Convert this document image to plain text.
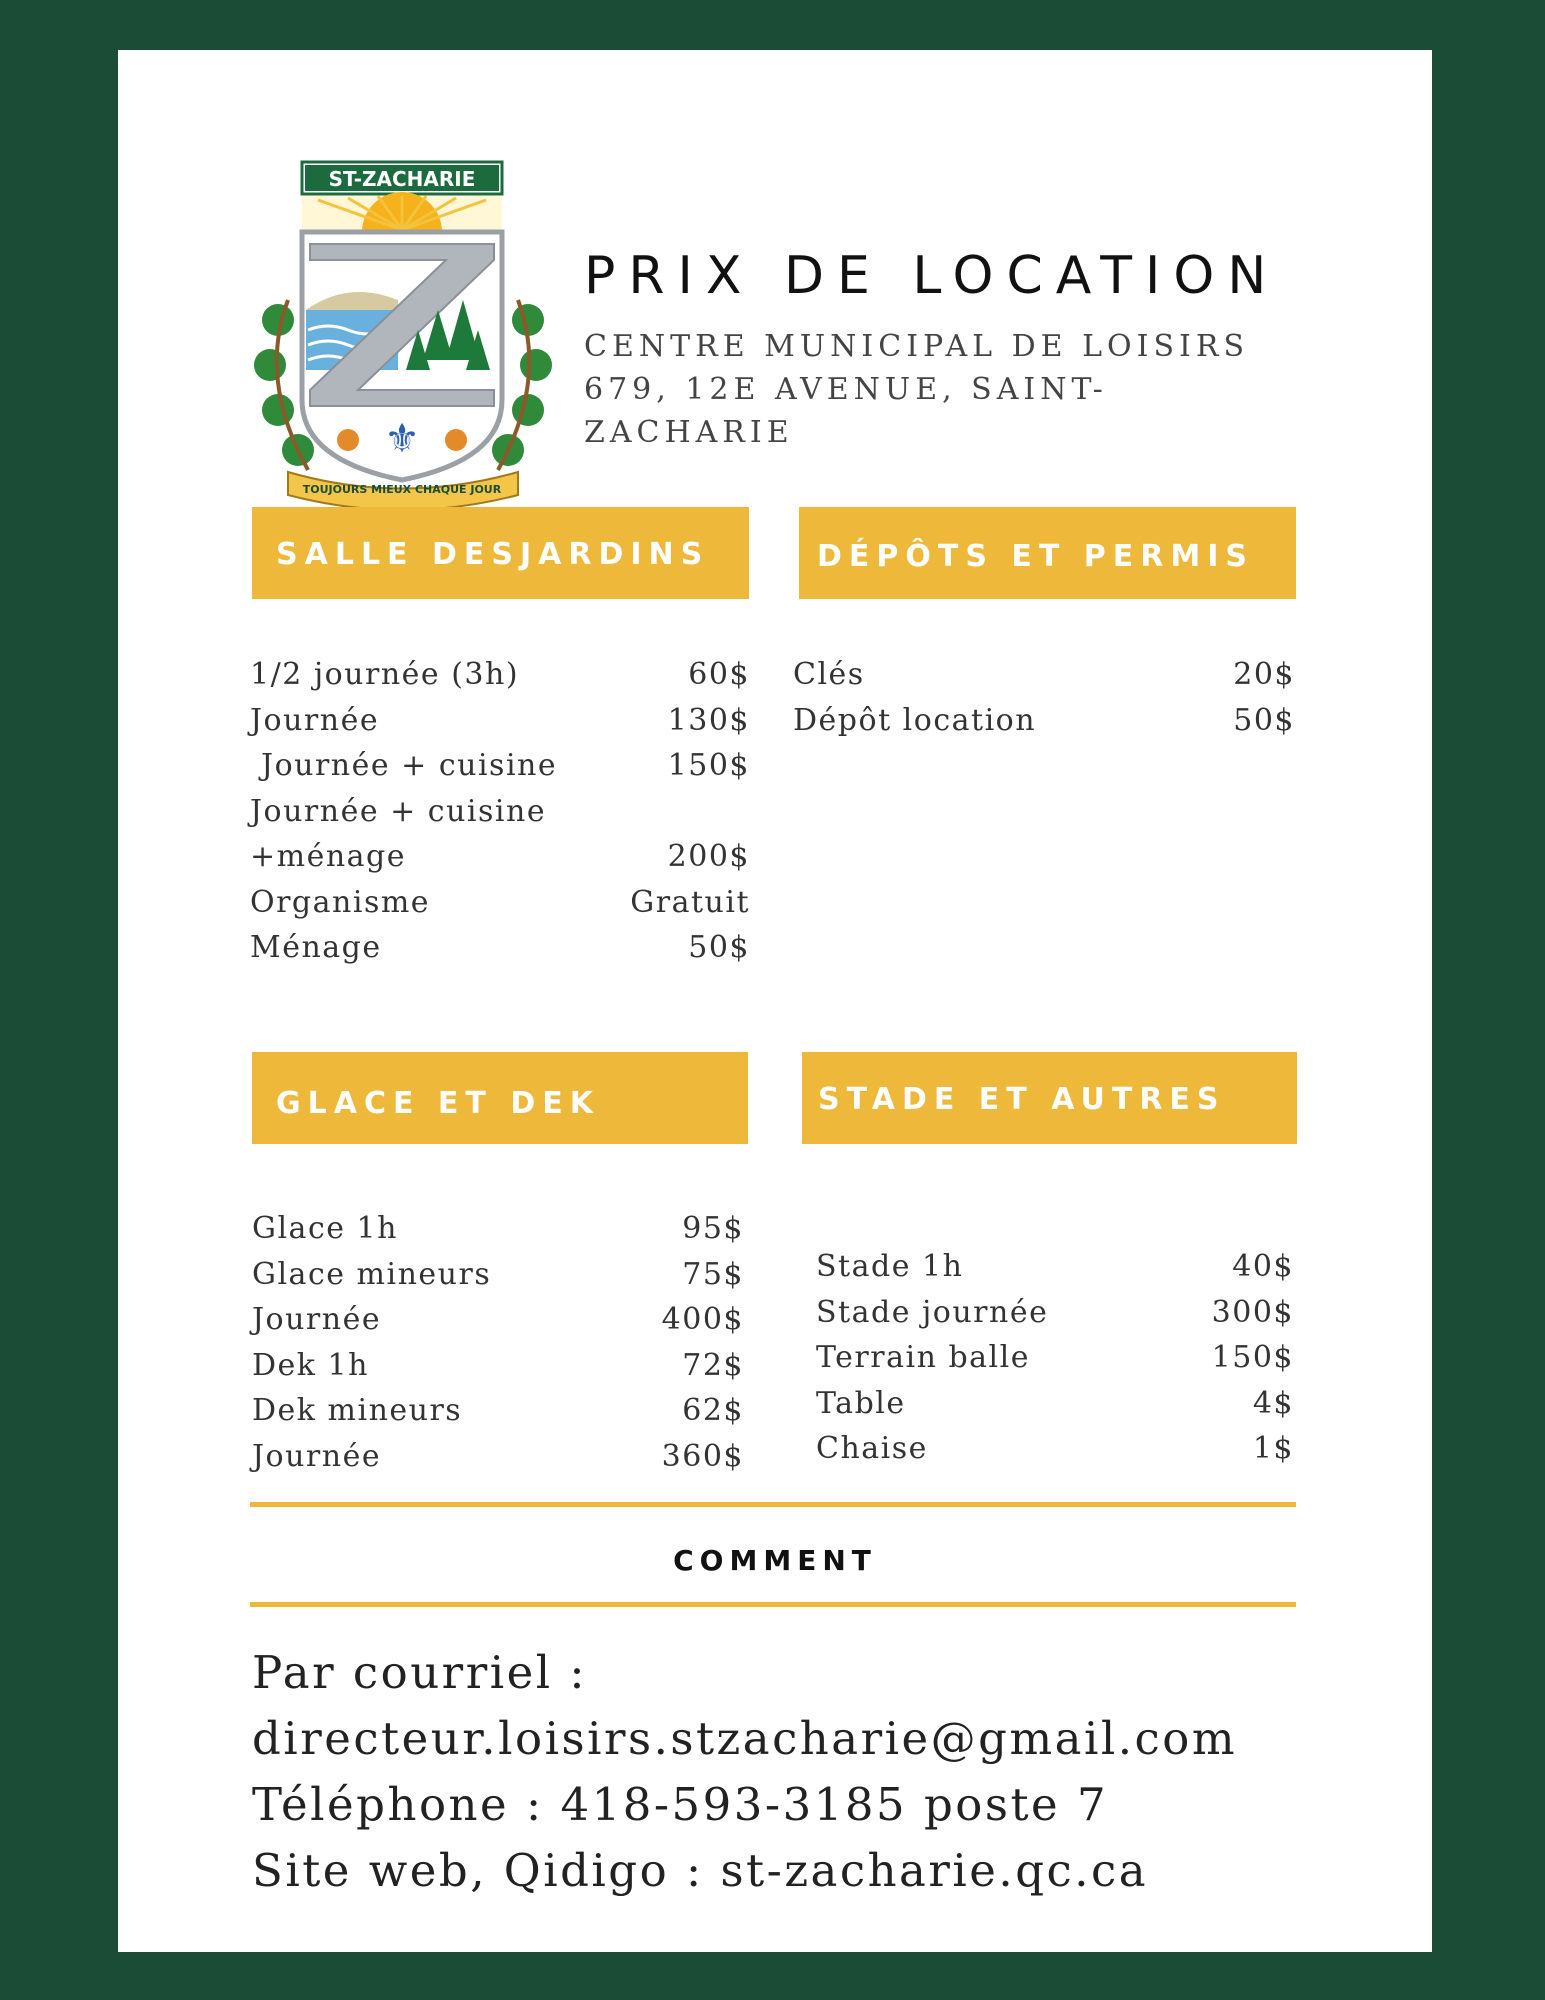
ST-ZACHARIE
⚜
TOUJOURS MIEUX CHAQUE JOUR
PRIX DE LOCATION
CENTRE MUNICIPAL DE LOISIRS
679, 12E AVENUE, SAINT-
ZACHARIE
SALLE DESJARDINS	DÉPÔTS ET PERMIS
GLACE ET DEK	STADE ET AUTRES
1/2 journée (3h)	60$
Journée	130$
Journée + cuisine	150$
Journée + cuisine
+ménage	200$
Organisme	Gratuit
Ménage	50$
Clés	20$
Dépôt location	50$
Glace 1h	95$
Glace mineurs	75$
Journée	400$
Dek 1h	72$
Dek mineurs	62$
Journée	360$
Stade 1h	40$
Stade journée	300$
Terrain balle	150$
Table	4$
Chaise	1$
COMMENT
Par courriel :
directeur.loisirs.stzacharie@gmail.com
Téléphone : 418-593-3185 poste 7
Site web, Qidigo : st-zacharie.qc.ca
